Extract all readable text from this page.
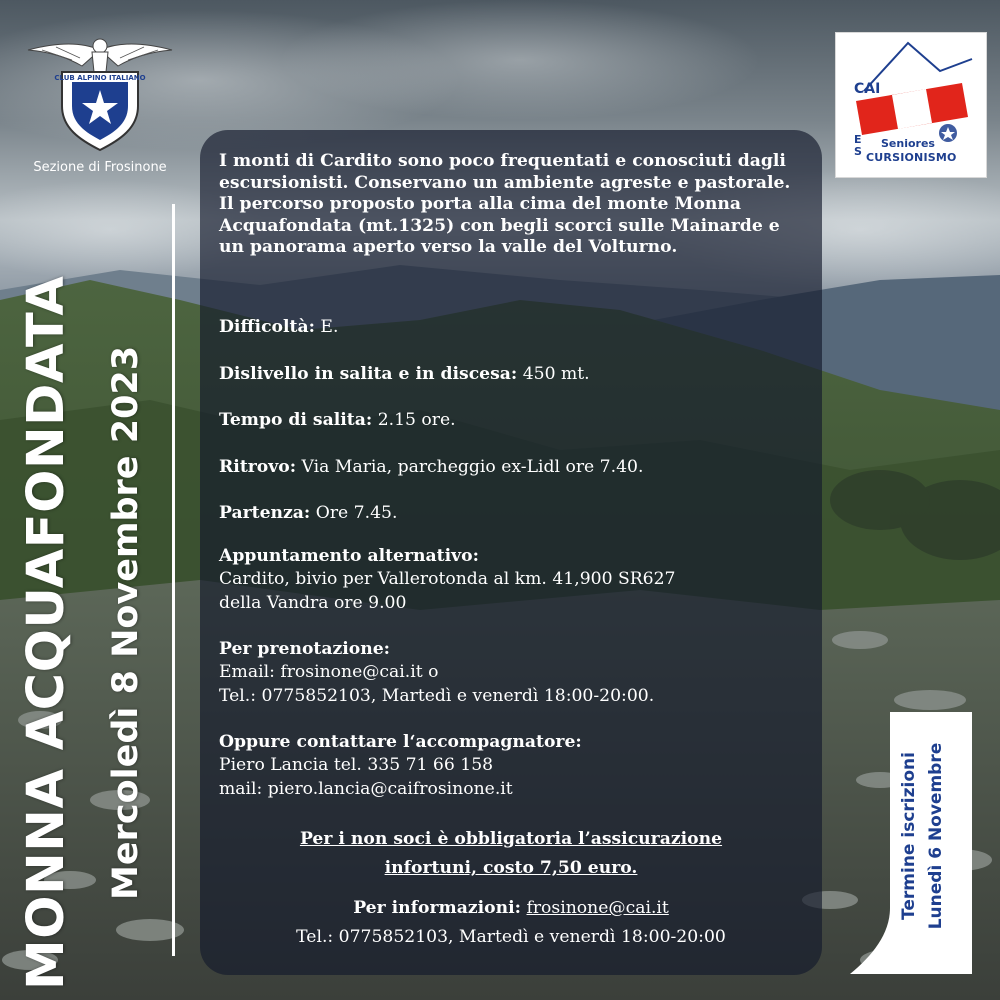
CLUB ALPINO ITALIANO
Sezione di Frosinone
MONNA ACQUAFONDATA Mercoledì 8 Novembre 2023
CAI
E
S
Seniores
CURSIONISMO
I monti di Cardito sono poco frequentati e conosciuti dagli escursionisti. Conservano un ambiente agreste e pastorale. Il percorso proposto porta alla cima del monte Monna Acquafondata (mt.1325) con begli scorci sulle Mainarde e un panorama aperto verso la valle del Volturno.
Difficoltà: E.
Dislivello in salita e in discesa: 450 mt.
Tempo di salita: 2.15 ore.
Ritrovo: Via Maria, parcheggio ex-Lidl ore 7.40.
Partenza: Ore 7.45.
Appuntamento alternativo:
Cardito, bivio per Vallerotonda al km. 41,900 SR627
della Vandra ore 9.00
Per prenotazione:
Email: frosinone@cai.it o
Tel.: 0775852103, Martedì e venerdì 18:00-20:00.
Oppure contattare l‘accompagnatore:
Piero Lancia tel. 335 71 66 158
mail: piero.lancia@caifrosinone.it
Per i non soci è obbligatoria l’assicurazione
infortuni, costo 7,50 euro.
Per informazioni: frosinone@cai.it
Tel.: 0775852103, Martedì e venerdì 18:00-20:00
Termine iscrizioni Lunedì 6 Novembre
